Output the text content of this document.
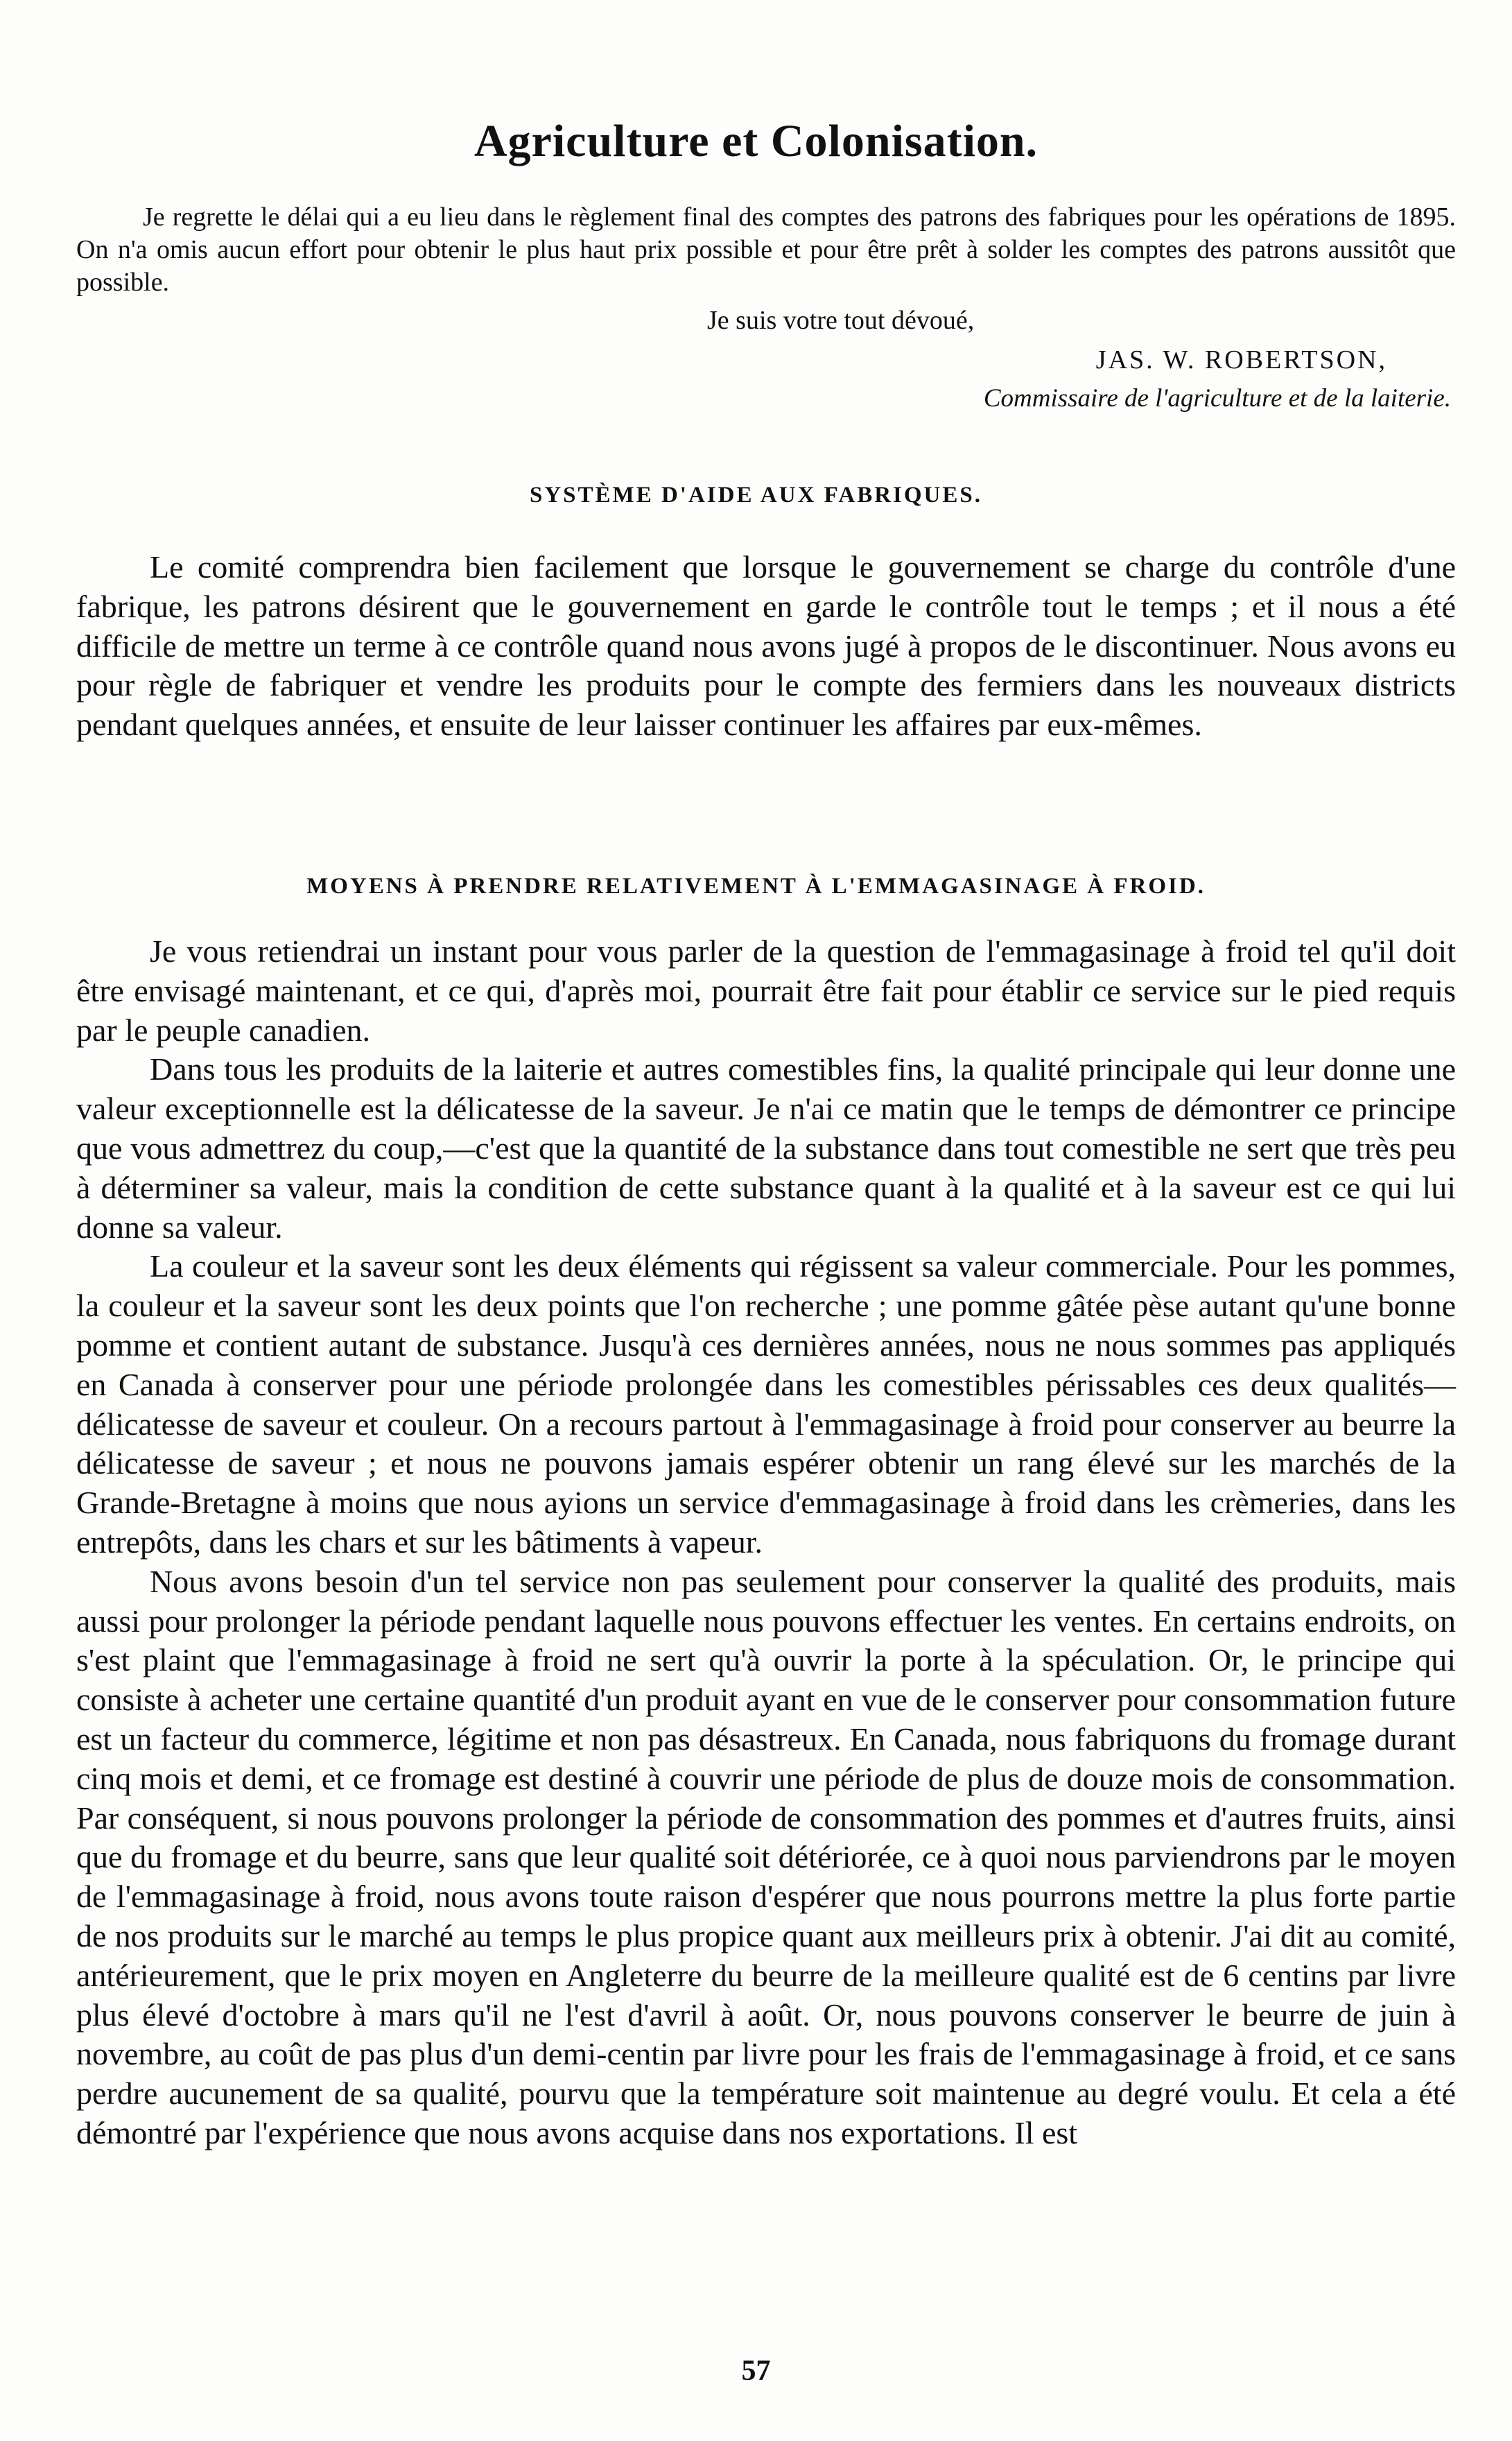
Agriculture et Colonisation.

Je regrette le délai qui a eu lieu dans le règlement final des comptes des patrons des fabriques pour les opérations de 1895. On n'a omis aucun effort pour obtenir le plus haut prix possible et pour être prêt à solder les comptes des patrons aussitôt que possible.

Je suis votre tout dévoué,

JAS. W. ROBERTSON,

Commissaire de l'agriculture et de la laiterie.

SYSTÈME D'AIDE AUX FABRIQUES.

Le comité comprendra bien facilement que lorsque le gouvernement se charge du contrôle d'une fabrique, les patrons désirent que le gouvernement en garde le contrôle tout le temps ; et il nous a été difficile de mettre un terme à ce contrôle quand nous avons jugé à propos de le discontinuer. Nous avons eu pour règle de fabriquer et vendre les produits pour le compte des fermiers dans les nouveaux districts pendant quelques années, et ensuite de leur laisser continuer les affaires par eux-mêmes.

MOYENS À PRENDRE RELATIVEMENT À L'EMMAGASINAGE À FROID.

Je vous retiendrai un instant pour vous parler de la question de l'emmagasinage à froid tel qu'il doit être envisagé maintenant, et ce qui, d'après moi, pourrait être fait pour établir ce service sur le pied requis par le peuple canadien.

Dans tous les produits de la laiterie et autres comestibles fins, la qualité principale qui leur donne une valeur exceptionnelle est la délicatesse de la saveur. Je n'ai ce matin que le temps de démontrer ce principe que vous admettrez du coup,—c'est que la quantité de la substance dans tout comestible ne sert que très peu à déterminer sa valeur, mais la condition de cette substance quant à la qualité et à la saveur est ce qui lui donne sa valeur.

La couleur et la saveur sont les deux éléments qui régissent sa valeur commerciale. Pour les pommes, la couleur et la saveur sont les deux points que l'on recherche ; une pomme gâtée pèse autant qu'une bonne pomme et contient autant de substance. Jusqu'à ces dernières années, nous ne nous sommes pas appliqués en Canada à conserver pour une période prolongée dans les comestibles périssables ces deux qualités—délicatesse de saveur et couleur. On a recours partout à l'emmagasinage à froid pour conserver au beurre la délicatesse de saveur ; et nous ne pouvons jamais espérer obtenir un rang élevé sur les marchés de la Grande-Bretagne à moins que nous ayions un service d'emmagasinage à froid dans les crèmeries, dans les entrepôts, dans les chars et sur les bâtiments à vapeur.

Nous avons besoin d'un tel service non pas seulement pour conserver la qualité des produits, mais aussi pour prolonger la période pendant laquelle nous pouvons effectuer les ventes. En certains endroits, on s'est plaint que l'emmagasinage à froid ne sert qu'à ouvrir la porte à la spéculation. Or, le principe qui consiste à acheter une certaine quantité d'un produit ayant en vue de le conserver pour consommation future est un facteur du commerce, légitime et non pas désastreux. En Canada, nous fabriquons du fromage durant cinq mois et demi, et ce fromage est destiné à couvrir une période de plus de douze mois de consommation. Par conséquent, si nous pouvons prolonger la période de consommation des pommes et d'autres fruits, ainsi que du fromage et du beurre, sans que leur qualité soit détériorée, ce à quoi nous parviendrons par le moyen de l'emmagasinage à froid, nous avons toute raison d'espérer que nous pourrons mettre la plus forte partie de nos produits sur le marché au temps le plus propice quant aux meilleurs prix à obtenir. J'ai dit au comité, antérieurement, que le prix moyen en Angleterre du beurre de la meilleure qualité est de 6 centins par livre plus élevé d'octobre à mars qu'il ne l'est d'avril à août. Or, nous pouvons conserver le beurre de juin à novembre, au coût de pas plus d'un demi-centin par livre pour les frais de l'emmagasinage à froid, et ce sans perdre aucunement de sa qualité, pourvu que la température soit maintenue au degré voulu. Et cela a été démontré par l'expérience que nous avons acquise dans nos exportations. Il est

57
